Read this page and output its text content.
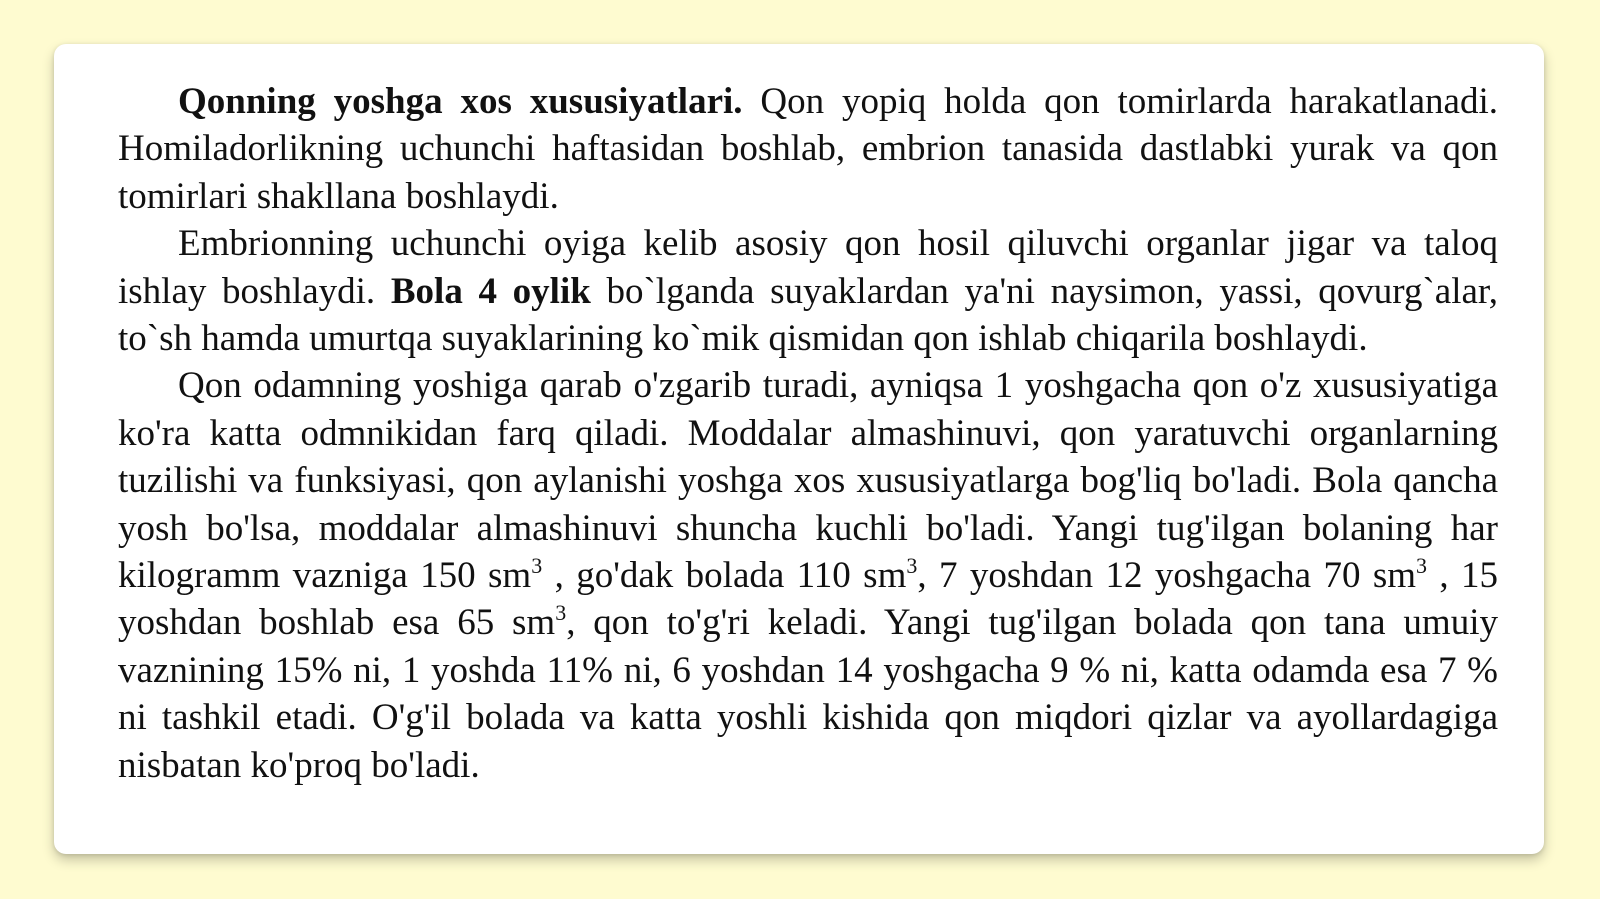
Qonning yoshga xos xususiyatlari. Qon yopiq holda qon tomirlarda harakatlanadi. Homiladorlikning uchunchi haftasidan boshlab, embrion tanasida dastlabki yurak va qon tomirlari shakllana boshlaydi.

Embrionning uchunchi oyiga kelib asosiy qon hosil qiluvchi organlar jigar va taloq ishlay boshlaydi. Bola 4 oylik bo`lganda suyaklardan ya'ni naysimon, yassi, qovurg`alar, to`sh hamda umurtqa suyaklarining ko`mik qismidan qon ishlab chiqarila boshlaydi.

Qon odamning yoshiga qarab o'zgarib turadi, ayniqsa 1 yoshgacha qon o'z xususiyatiga ko'ra katta odmnikidan farq qiladi. Moddalar almashinuvi, qon yaratuvchi organlarning tuzilishi va funksiyasi, qon aylanishi yoshga xos xususiyatlarga bog'liq bo'ladi. Bola qancha yosh bo'lsa, moddalar almashinuvi shuncha kuchli bo'ladi. Yangi tug'ilgan bolaning har kilogramm vazniga 150 $sm^3$ , go'dak bolada 110 $sm^3$, 7 yoshdan 12 yoshgacha 70 $sm^3$ , 15 yoshdan boshlab esa 65 $sm^3$, qon to'g'ri keladi. Yangi tug'ilgan bolada qon tana umuiy vaznining 15% ni, 1 yoshda 11% ni, 6 yoshdan 14 yoshgacha 9 % ni, katta odamda esa 7 % ni tashkil etadi. O'g'il bolada va katta yoshli kishida qon miqdori qizlar va ayollardagiga nisbatan ko'proq bo'ladi.
